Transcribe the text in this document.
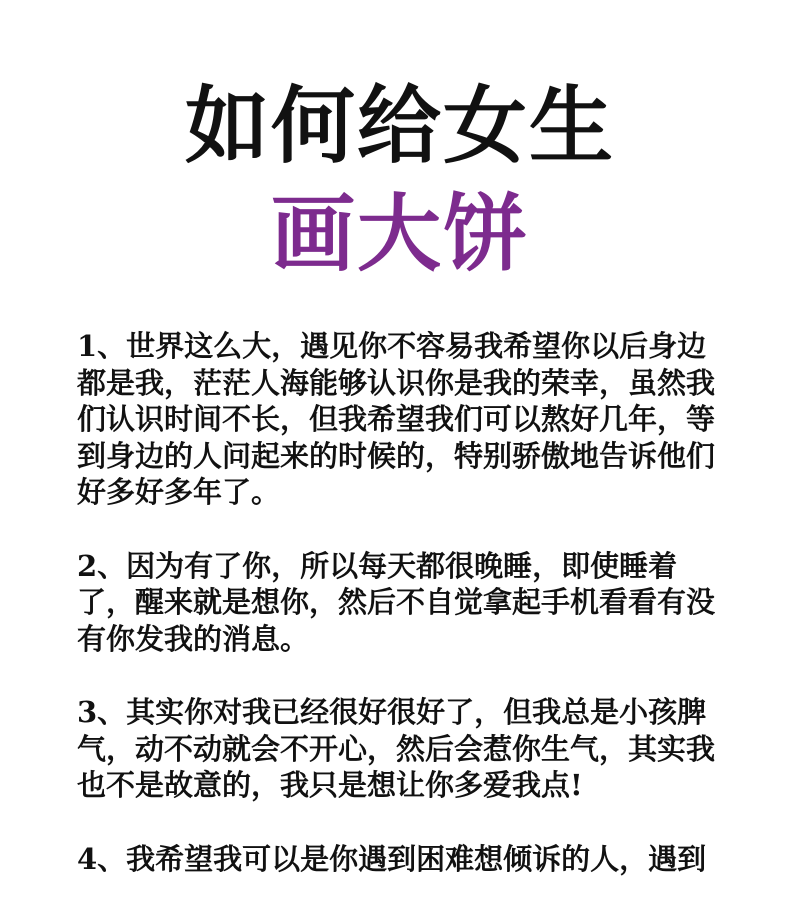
如何给女生
画大饼

1、世界这么大，遇见你不容易我希望你以后身边
都是我，茫茫人海能够认识你是我的荣幸，虽然我
们认识时间不长，但我希望我们可以熬好几年，等
到身边的人问起来的时候的，特别骄傲地告诉他们
好多好多年了。

2、因为有了你，所以每天都很晚睡，即使睡着
了，醒来就是想你，然后不自觉拿起手机看看有没
有你发我的消息。

3、其实你对我已经很好很好了，但我总是小孩脾
气，动不动就会不开心，然后会惹你生气，其实我
也不是故意的，我只是想让你多爱我点!

4、我希望我可以是你遇到困难想倾诉的人，遇到
